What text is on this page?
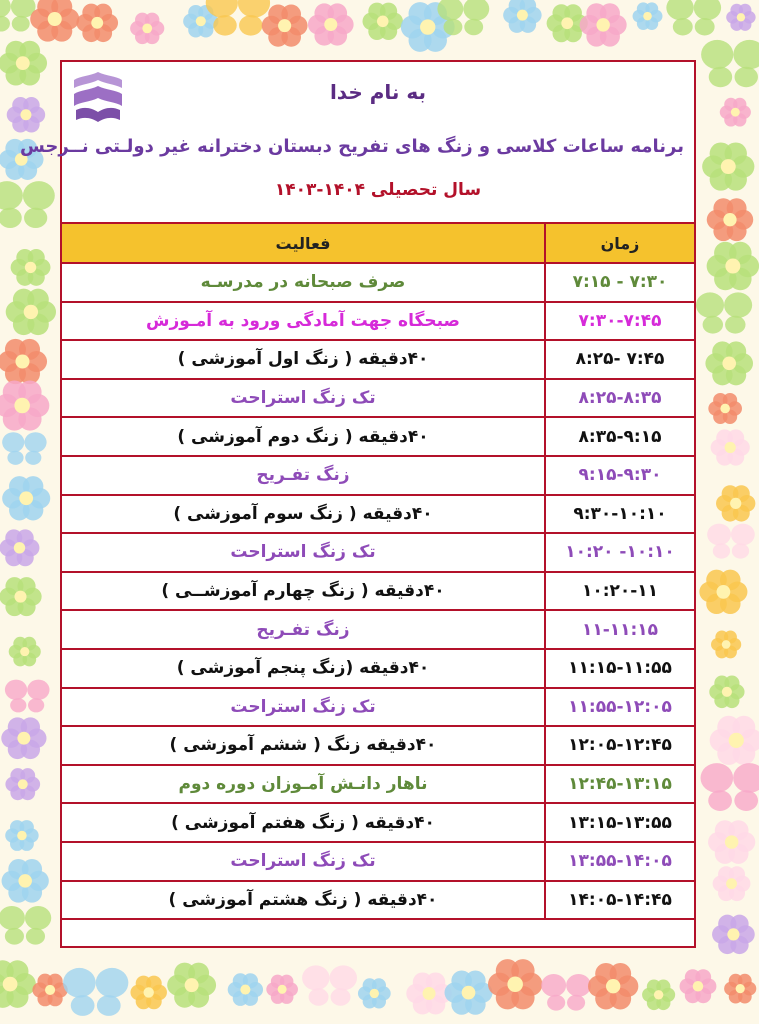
به نام خدا
برنامه ساعات کلاسی و زنگ های تفریح دبستان دخترانه غیر دولـتی نــرجس
سال تحصیلی ۱۴۰۴-۱۴۰۳
زمان	فعالیت
۷:۳۰ - ۷:۱۵	صرف صبحانه در مدرسـه
۷:۳۰-۷:۴۵	صبحگاه جهت آمادگی ورود به آمـوزش
۷:۴۵ -۸:۲۵	۴۰دقیقه ( زنگ اول آموزشی )
۸:۲۵-۸:۳۵	تک زنگ استراحت
۸:۳۵-۹:۱۵	۴۰دقیقه ( زنگ دوم آموزشی )
۹:۱۵-۹:۳۰	زنگ تفـریح
۹:۳۰-۱۰:۱۰	۴۰دقیقه ( زنگ سوم آموزشی )
۱۰:۱۰- ۱۰:۲۰	تک زنگ استراحت
۱۰:۲۰-۱۱	۴۰دقیقه ( زنگ چهارم آموزشــی )
۱۱-۱۱:۱۵	زنگ تفـریح
۱۱:۱۵-۱۱:۵۵	۴۰دقیقه (زنگ پنجم آموزشی )
۱۱:۵۵-۱۲:۰۵	تک زنگ استراحت
۱۲:۰۵-۱۲:۴۵	۴۰دقیقه زنگ ( ششم آموزشی )
۱۲:۴۵-۱۳:۱۵	ناهار دانـش آمـوزان دوره دوم
۱۳:۱۵-۱۳:۵۵	۴۰دقیقه ( زنگ هفتم آموزشی )
۱۳:۵۵-۱۴:۰۵	تک زنگ استراحت
۱۴:۰۵-۱۴:۴۵	۴۰دقیقه ( زنگ هشتم آموزشی )
